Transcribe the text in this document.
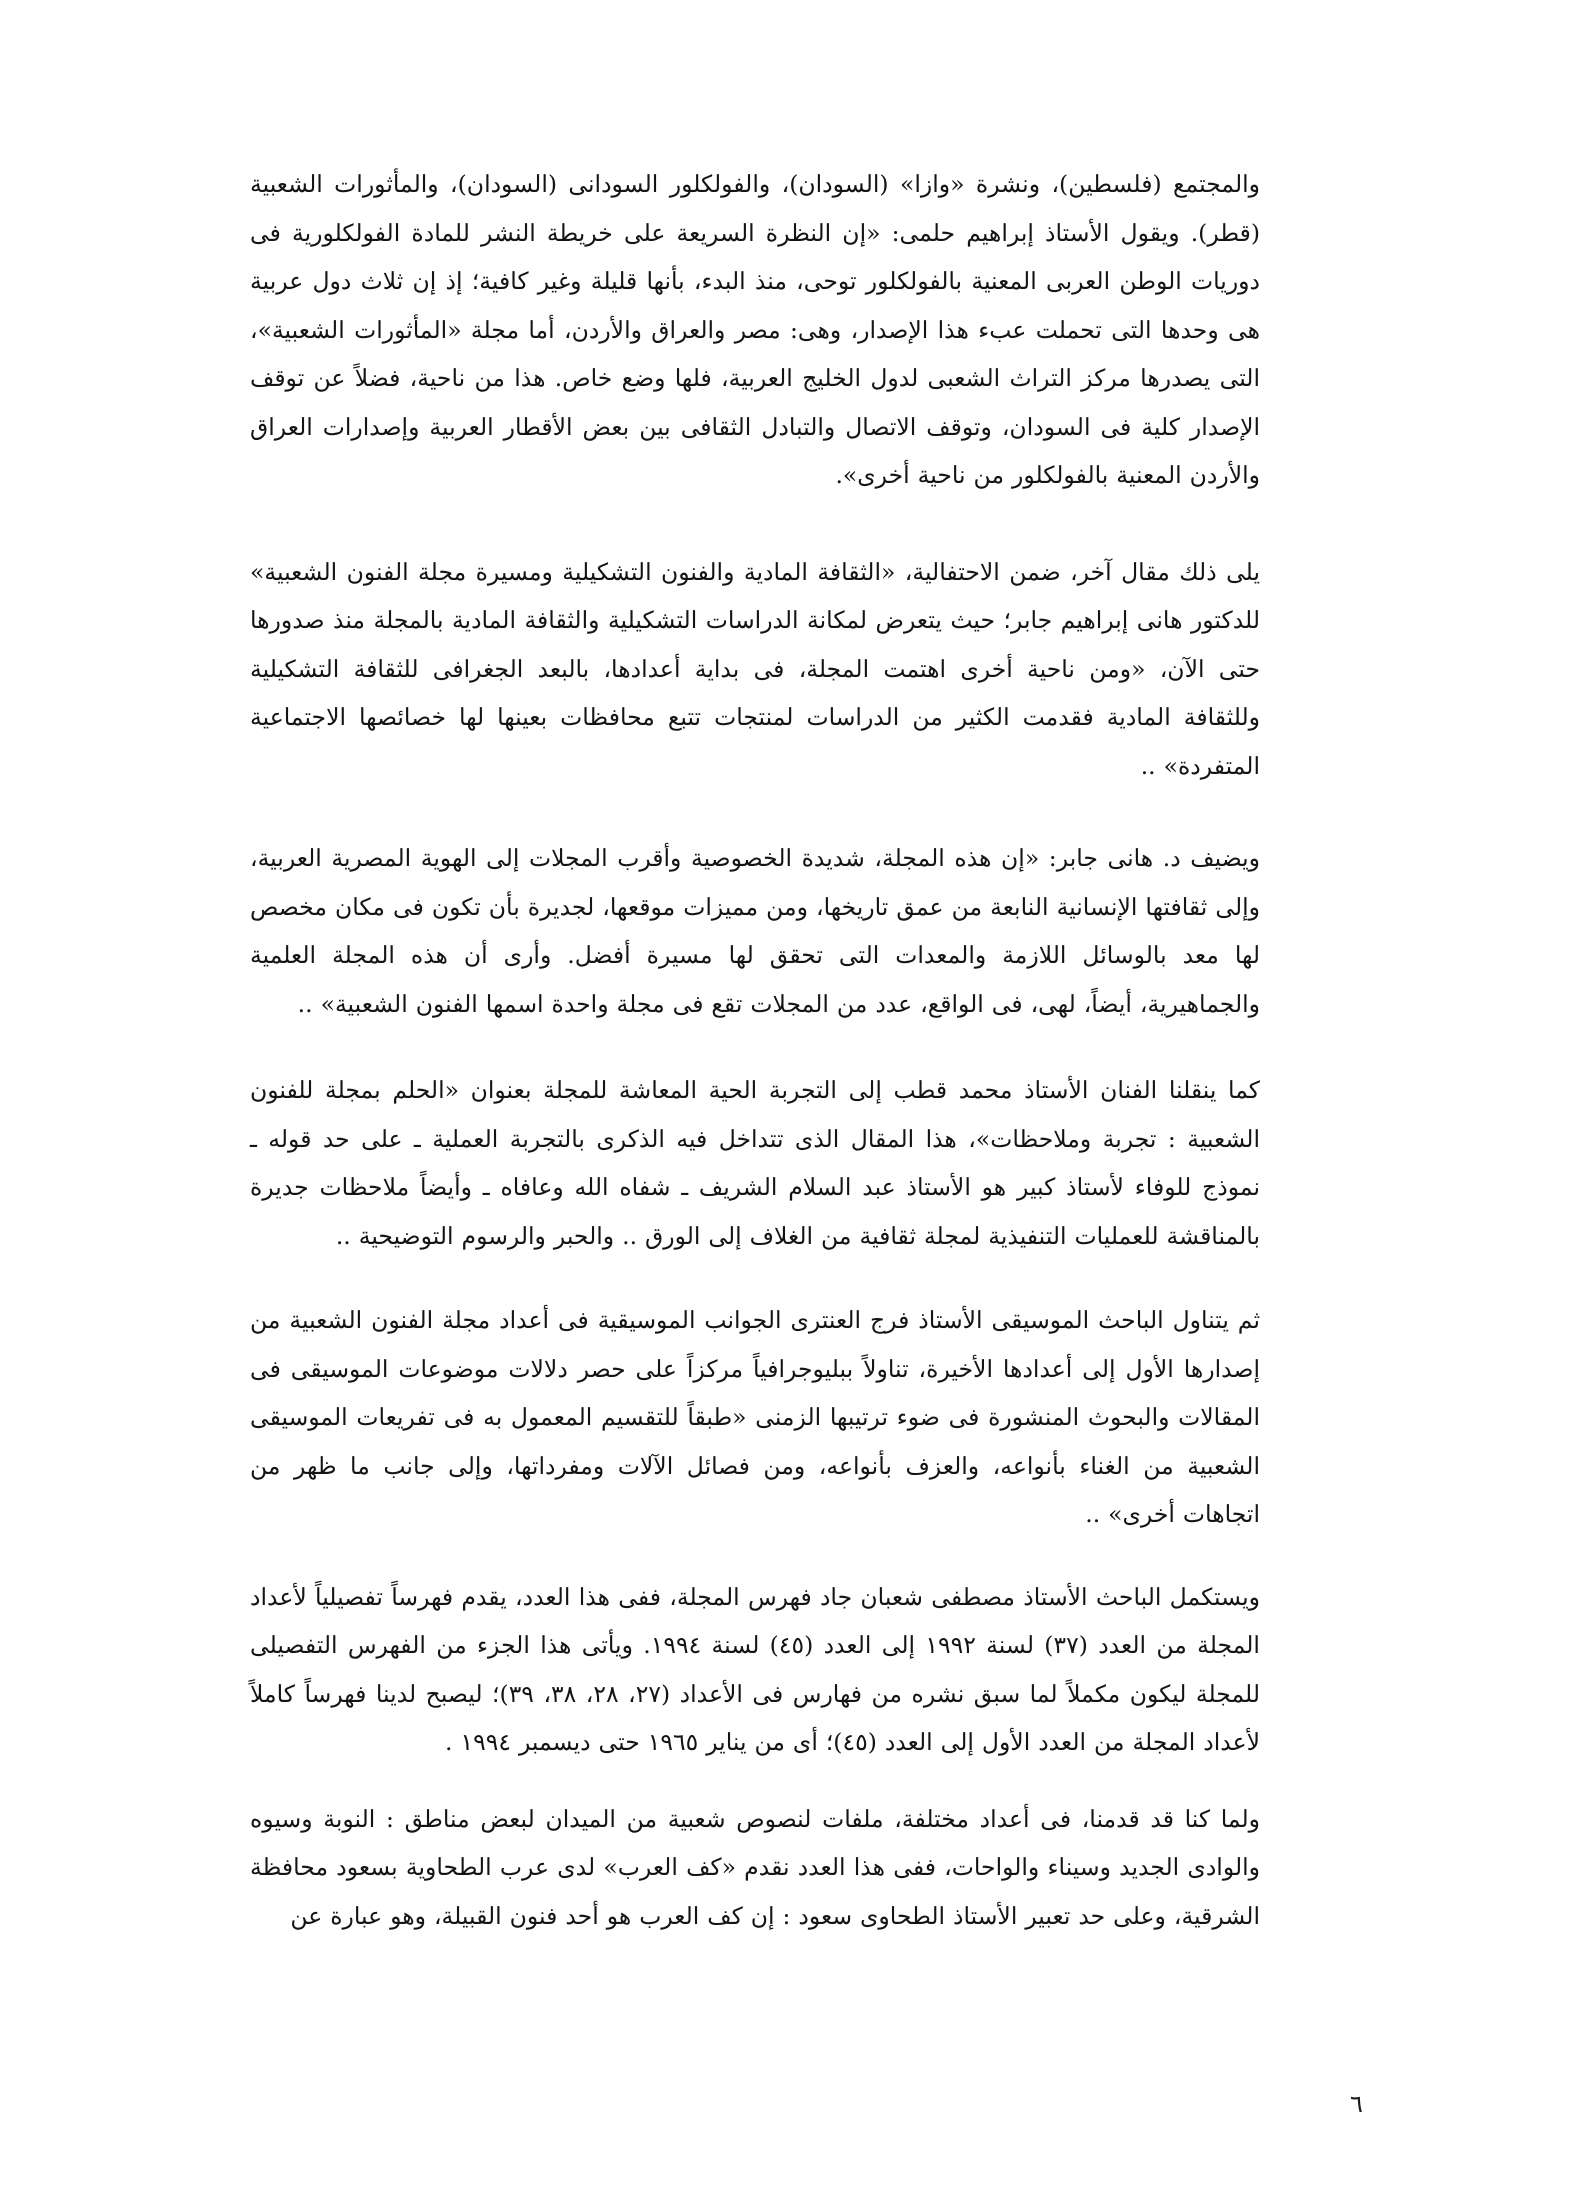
والمجتمع (فلسطين)، ونشرة «وازا» (السودان)، والفولكلور السودانى (السودان)، والمأثورات الشعبية (قطر). ويقول الأستاذ إبراهيم حلمى: «إن النظرة السريعة على خريطة النشر للمادة الفولكلورية فى دوريات الوطن العربى المعنية بالفولكلور توحى، منذ البدء، بأنها قليلة وغير كافية؛ إذ إن ثلاث دول عربية هى وحدها التى تحملت عبء هذا الإصدار، وهى: مصر والعراق والأردن، أما مجلة «المأثورات الشعبية»، التى يصدرها مركز التراث الشعبى لدول الخليج العربية، فلها وضع خاص. هذا من ناحية، فضلاً عن توقف الإصدار كلية فى السودان، وتوقف الاتصال والتبادل الثقافى بين بعض الأقطار العربية وإصدارات العراق والأردن المعنية بالفولكلور من ناحية أخرى».

يلى ذلك مقال آخر، ضمن الاحتفالية، «الثقافة المادية والفنون التشكيلية ومسيرة مجلة الفنون الشعبية» للدكتور هانى إبراهيم جابر؛ حيث يتعرض لمكانة الدراسات التشكيلية والثقافة المادية بالمجلة منذ صدورها حتى الآن، «ومن ناحية أخرى اهتمت المجلة، فى بداية أعدادها، بالبعد الجغرافى للثقافة التشكيلية وللثقافة المادية فقدمت الكثير من الدراسات لمنتجات تتبع محافظات بعينها لها خصائصها الاجتماعية المتفردة» ..

ويضيف د. هانى جابر: «إن هذه المجلة، شديدة الخصوصية وأقرب المجلات إلى الهوية المصرية العربية، وإلى ثقافتها الإنسانية النابعة من عمق تاريخها، ومن مميزات موقعها، لجديرة بأن تكون فى مكان مخصص لها معد بالوسائل اللازمة والمعدات التى تحقق لها مسيرة أفضل. وأرى أن هذه المجلة العلمية والجماهيرية، أيضاً، لهى، فى الواقع، عدد من المجلات تقع فى مجلة واحدة اسمها الفنون الشعبية» ..

كما ينقلنا الفنان الأستاذ محمد قطب إلى التجربة الحية المعاشة للمجلة بعنوان «الحلم بمجلة للفنون الشعبية : تجربة وملاحظات»، هذا المقال الذى تتداخل فيه الذكرى بالتجربة العملية ـ على حد قوله ـ نموذج للوفاء لأستاذ كبير هو الأستاذ عبد السلام الشريف ـ شفاه الله وعافاه ـ وأيضاً ملاحظات جديرة بالمناقشة للعمليات التنفيذية لمجلة ثقافية من الغلاف إلى الورق .. والحبر والرسوم التوضيحية ..

ثم يتناول الباحث الموسيقى الأستاذ فرج العنترى الجوانب الموسيقية فى أعداد مجلة الفنون الشعبية من إصدارها الأول إلى أعدادها الأخيرة، تناولاً ببليوجرافياً مركزاً على حصر دلالات موضوعات الموسيقى فى المقالات والبحوث المنشورة فى ضوء ترتيبها الزمنى «طبقاً للتقسيم المعمول به فى تفريعات الموسيقى الشعبية من الغناء بأنواعه، والعزف بأنواعه، ومن فصائل الآلات ومفرداتها، وإلى جانب ما ظهر من اتجاهات أخرى» ..

ويستكمل الباحث الأستاذ مصطفى شعبان جاد فهرس المجلة، ففى هذا العدد، يقدم فهرساً تفصيلياً لأعداد المجلة من العدد (٣٧) لسنة ١٩٩٢ إلى العدد (٤٥) لسنة ١٩٩٤. ويأتى هذا الجزء من الفهرس التفصيلى للمجلة ليكون مكملاً لما سبق نشره من فهارس فى الأعداد (٢٧، ٢٨، ٣٨، ٣٩)؛ ليصبح لدينا فهرساً كاملاً لأعداد المجلة من العدد الأول إلى العدد (٤٥)؛ أى من يناير ١٩٦٥ حتى ديسمبر ١٩٩٤ .

ولما كنا قد قدمنا، فى أعداد مختلفة، ملفات لنصوص شعبية من الميدان لبعض مناطق : النوبة وسيوه والوادى الجديد وسيناء والواحات، ففى هذا العدد نقدم «كف العرب» لدى عرب الطحاوية بسعود محافظة الشرقية، وعلى حد تعبير الأستاذ الطحاوى سعود : إن كف العرب هو أحد فنون القبيلة، وهو عبارة عن

٦
